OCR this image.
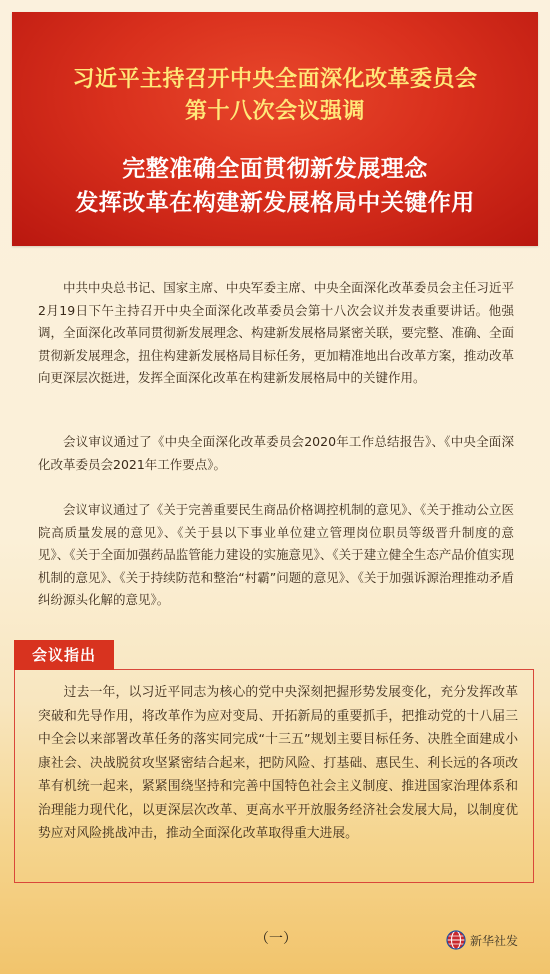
习近平主持召开中央全面深化改革委员会
第十八次会议强调
完整准确全面贯彻新发展理念
发挥改革在构建新发展格局中关键作用

中共中央总书记、国家主席、中央军委主席、中央全面深化改革委员会主任习近平2月19日下午主持召开中央全面深化改革委员会第十八次会议并发表重要讲话。他强调，全面深化改革同贯彻新发展理念、构建新发展格局紧密关联，要完整、准确、全面贯彻新发展理念，扭住构建新发展格局目标任务，更加精准地出台改革方案，推动改革向更深层次挺进，发挥全面深化改革在构建新发展格局中的关键作用。

会议审议通过了《中央全面深化改革委员会2020年工作总结报告》、《中央全面深化改革委员会2021年工作要点》。

会议审议通过了《关于完善重要民生商品价格调控机制的意见》、《关于推动公立医院高质量发展的意见》、《关于县以下事业单位建立管理岗位职员等级晋升制度的意见》、《关于全面加强药品监管能力建设的实施意见》、《关于建立健全生态产品价值实现机制的意见》、《关于持续防范和整治“村霸”问题的意见》、《关于加强诉源治理推动矛盾纠纷源头化解的意见》。

会议指出

过去一年，以习近平同志为核心的党中央深刻把握形势发展变化，充分发挥改革突破和先导作用，将改革作为应对变局、开拓新局的重要抓手，把推动党的十八届三中全会以来部署改革任务的落实同完成“十三五”规划主要目标任务、决胜全面建成小康社会、决战脱贫攻坚紧密结合起来，把防风险、打基础、惠民生、利长远的各项改革有机统一起来，紧紧围绕坚持和完善中国特色社会主义制度、推进国家治理体系和治理能力现代化，以更深层次改革、更高水平开放服务经济社会发展大局，以制度优势应对风险挑战冲击，推动全面深化改革取得重大进展。

（一）	新华社发
